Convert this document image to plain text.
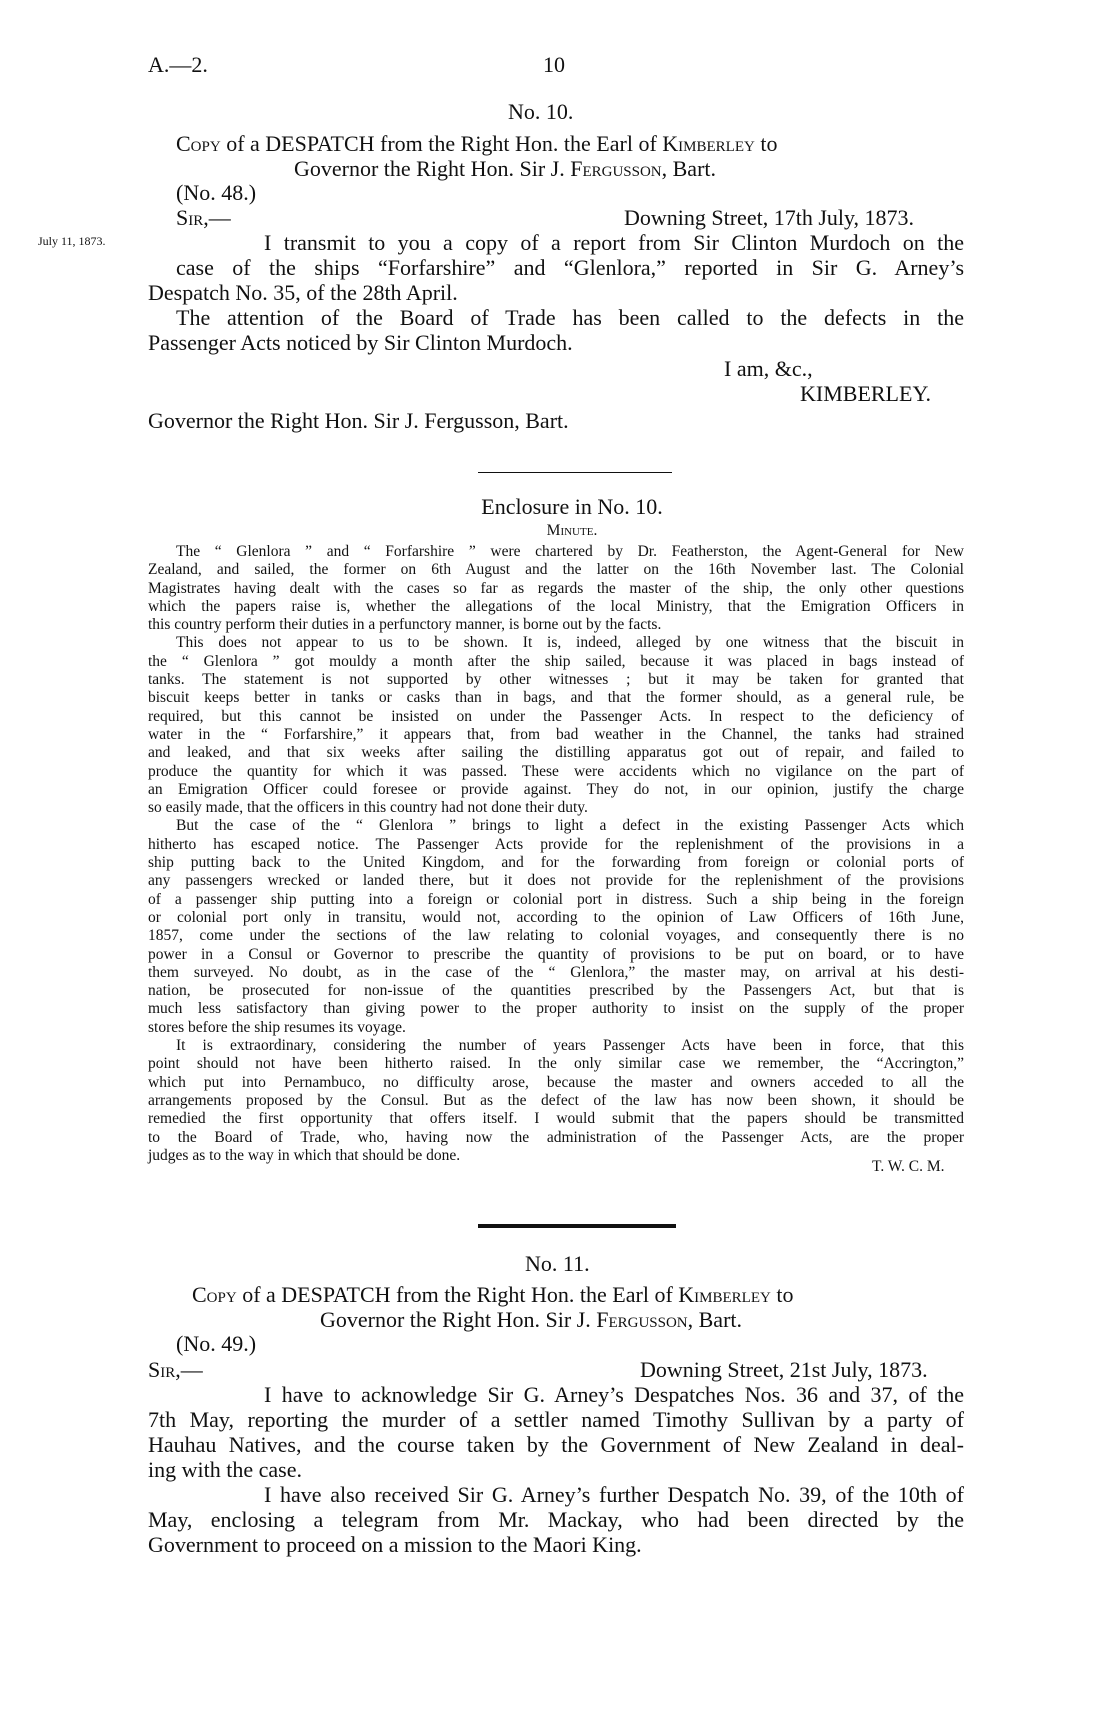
A.—2.	10
No. 10.
Copy of a DESPATCH from the Right Hon. the Earl of Kimberley to
Governor the Right Hon. Sir J. Fergusson, Bart.
(No. 48.)
Sir,—	Downing Street, 17th July, 1873.
July 11, 1873.	I transmit to you a copy of a report from Sir Clinton Murdoch on the

case of the ships “Forfarshire” and “Glenlora,” reported in Sir G. Arney’s

Despatch No. 35, of the 28th April.

The attention of the Board of Trade has been called to the defects in the

Passenger Acts noticed by Sir Clinton Murdoch.

I am, &c.,
KIMBERLEY.
Governor the Right Hon. Sir J. Fergusson, Bart.
Enclosure in No. 10.
Minute.

The “ Glenlora ” and “ Forfarshire ” were chartered by Dr. Featherston, the Agent-General for New

Zealand, and sailed, the former on 6th August and the latter on the 16th November last. The Colonial

Magistrates having dealt with the cases so far as regards the master of the ship, the only other questions

which the papers raise is, whether the allegations of the local Ministry, that the Emigration Officers in

this country perform their duties in a perfunctory manner, is borne out by the facts.

This does not appear to us to be shown. It is, indeed, alleged by one witness that the biscuit in

the “ Glenlora ” got mouldy a month after the ship sailed, because it was placed in bags instead of

tanks. The statement is not supported by other witnesses ; but it may be taken for granted that

biscuit keeps better in tanks or casks than in bags, and that the former should, as a general rule, be

required, but this cannot be insisted on under the Passenger Acts. In respect to the deficiency of

water in the “ Forfarshire,” it appears that, from bad weather in the Channel, the tanks had strained

and leaked, and that six weeks after sailing the distilling apparatus got out of repair, and failed to

produce the quantity for which it was passed. These were accidents which no vigilance on the part of

an Emigration Officer could foresee or provide against. They do not, in our opinion, justify the charge

so easily made, that the officers in this country had not done their duty.

But the case of the “ Glenlora ” brings to light a defect in the existing Passenger Acts which

hitherto has escaped notice. The Passenger Acts provide for the replenishment of the provisions in a

ship putting back to the United Kingdom, and for the forwarding from foreign or colonial ports of

any passengers wrecked or landed there, but it does not provide for the replenishment of the provisions

of a passenger ship putting into a foreign or colonial port in distress. Such a ship being in the foreign

or colonial port only in transitu, would not, according to the opinion of Law Officers of 16th June,

1857, come under the sections of the law relating to colonial voyages, and consequently there is no

power in a Consul or Governor to prescribe the quantity of provisions to be put on board, or to have

them surveyed. No doubt, as in the case of the “ Glenlora,” the master may, on arrival at his desti-

nation, be prosecuted for non-issue of the quantities prescribed by the Passengers Act, but that is

much less satisfactory than giving power to the proper authority to insist on the supply of the proper

stores before the ship resumes its voyage.

It is extraordinary, considering the number of years Passenger Acts have been in force, that this

point should not have been hitherto raised. In the only similar case we remember, the “Accrington,”

which put into Pernambuco, no difficulty arose, because the master and owners acceded to all the

arrangements proposed by the Consul. But as the defect of the law has now been shown, it should be

remedied the first opportunity that offers itself. I would submit that the papers should be transmitted

to the Board of Trade, who, having now the administration of the Passenger Acts, are the proper

judges as to the way in which that should be done.

T. W. C. M.
No. 11.
Copy of a DESPATCH from the Right Hon. the Earl of Kimberley to
Governor the Right Hon. Sir J. Fergusson, Bart.
(No. 49.)
Sir,—	Downing Street, 21st July, 1873.

I have to acknowledge Sir G. Arney’s Despatches Nos. 36 and 37, of the

7th May, reporting the murder of a settler named Timothy Sullivan by a party of

Hauhau Natives, and the course taken by the Government of New Zealand in deal-

ing with the case.

I have also received Sir G. Arney’s further Despatch No. 39, of the 10th of

May, enclosing a telegram from Mr. Mackay, who had been directed by the

Government to proceed on a mission to the Maori King.
